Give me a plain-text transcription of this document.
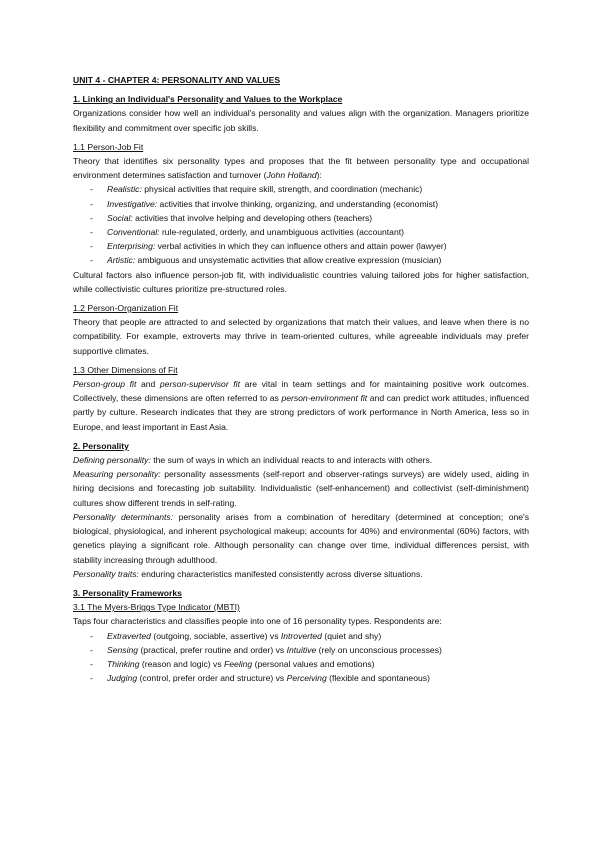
UNIT 4 - CHAPTER 4: PERSONALITY AND VALUES

1. Linking an Individual's Personality and Values to the Workplace

Organizations consider how well an individual's personality and values align with the organization. Managers prioritize flexibility and commitment over specific job skills.

1.1 Person-Job Fit

Theory that identifies six personality types and proposes that the fit between personality type and occupational environment determines satisfaction and turnover (John Holland):

- Realistic: physical activities that require skill, strength, and coordination (mechanic)
- Investigative: activities that involve thinking, organizing, and understanding (economist)
- Social: activities that involve helping and developing others (teachers)
- Conventional: rule-regulated, orderly, and unambiguous activities (accountant)
- Enterprising: verbal activities in which they can influence others and attain power (lawyer)
- Artistic: ambiguous and unsystematic activities that allow creative expression (musician)

Cultural factors also influence person-job fit, with individualistic countries valuing tailored jobs for higher satisfaction, while collectivistic cultures prioritize pre-structured roles.

1.2 Person-Organization Fit

Theory that people are attracted to and selected by organizations that match their values, and leave when there is no compatibility. For example, extroverts may thrive in team-oriented cultures, while agreeable individuals may prefer supportive climates.

1.3 Other Dimensions of Fit

Person-group fit and person-supervisor fit are vital in team settings and for maintaining positive work outcomes. Collectively, these dimensions are often referred to as person-environment fit and can predict work attitudes, influenced partly by culture. Research indicates that they are strong predictors of work performance in North America, less so in Europe, and least important in East Asia.

2. Personality

Defining personality: the sum of ways in which an individual reacts to and interacts with others.

Measuring personality: personality assessments (self-report and observer-ratings surveys) are widely used, aiding in hiring decisions and forecasting job suitability. Individualistic (self-enhancement) and collectivist (self-diminishment) cultures show different trends in self-rating.

Personality determinants: personality arises from a combination of hereditary (determined at conception; one's biological, physiological, and inherent psychological makeup; accounts for 40%) and environmental (60%) factors, with genetics playing a significant role. Although personality can change over time, individual differences persist, with stability increasing through adulthood.

Personality traits: enduring characteristics manifested consistently across diverse situations.

3. Personality Frameworks

3.1 The Myers-Briggs Type Indicator (MBTI)

Taps four characteristics and classifies people into one of 16 personality types. Respondents are:

- Extraverted (outgoing, sociable, assertive) vs Introverted (quiet and shy)
- Sensing (practical, prefer routine and order) vs Intuitive (rely on unconscious processes)
- Thinking (reason and logic) vs Feeling (personal values and emotions)
- Judging (control, prefer order and structure) vs Perceiving (flexible and spontaneous)
